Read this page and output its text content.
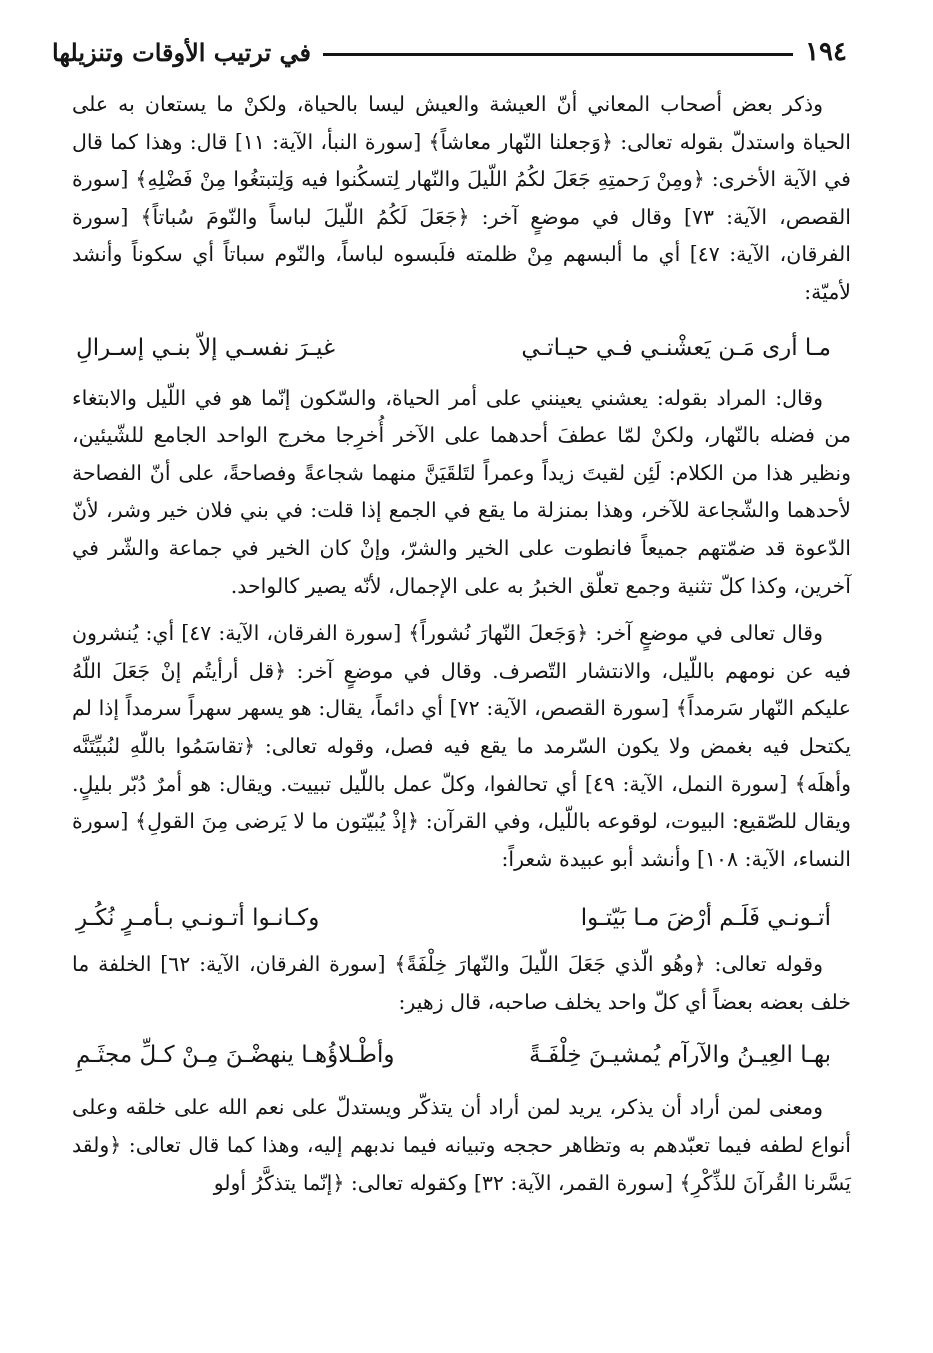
في ترتيب الأوقات وتنزيلها	١٩٤

وذكر بعض أصحاب المعاني أنّ العيشة والعيش ليسا بالحياة، ولكنْ ما يستعان به على الحياة واستدلّ بقوله تعالى: ﴿وَجعلنا النّهار معاشاً﴾ [سورة النبأ، الآية: ١١] قال: وهذا كما قال في الآية الأخرى: ﴿ومِنْ رَحمتِهِ جَعَلَ لكُمُ اللّيلَ والنّهار لِتسكُنوا فيه وَلِتبتغُوا مِنْ فَضْلِهِ﴾ [سورة القصص، الآية: ٧٣] وقال في موضعٍ آخر: ﴿جَعَلَ لَكُمُ اللّيلَ لباساً والنّومَ سُباتاً﴾ [سورة الفرقان، الآية: ٤٧] أي ما ألبسهم مِنْ ظلمته فلَبسوه لباساً، والنّوم سباتاً أي سكوناً وأنشد لأميّة:

مـا أرى مَـن يَعشْنـي فـي حيـاتـي
غيـرَ نفسـي إلاّ بنـي إسـرالِ

وقال: المراد بقوله: يعشني يعينني على أمر الحياة، والسّكون إنّما هو في اللّيل والابتغاء من فضله بالنّهار، ولكنْ لمّا عطفَ أحدهما على الآخر أُخرِجا مخرج الواحد الجامع للشّيئين، ونظير هذا من الكلام: لَئِن لقيتَ زيداً وعمراً لتَلقَيَنَّ منهما شجاعةً وفصاحةً، على أنّ الفصاحة لأحدهما والشّجاعة للآخر، وهذا بمنزلة ما يقع في الجمع إذا قلت: في بني فلان خير وشر، لأنّ الدّعوة قد ضمّتهم جميعاً فانطوت على الخير والشرّ، وإنْ كان الخير في جماعة والشّر في آخرين، وكذا كلّ تثنية وجمع تعلّق الخبرُ به على الإجمال، لأنّه يصير كالواحد.

وقال تعالى في موضعٍ آخر: ﴿وَجَعلَ النّهارَ نُشوراً﴾ [سورة الفرقان، الآية: ٤٧] أي: يُنشرون فيه عن نومهم باللّيل، والانتشار التّصرف. وقال في موضعٍ آخر: ﴿قل أرأيتُم إنْ جَعَلَ اللّهُ عليكم النّهار سَرمداً﴾ [سورة القصص، الآية: ٧٢] أي دائماً، يقال: هو يسهر سهراً سرمداً إذا لم يكتحل فيه بغمض ولا يكون السّرمد ما يقع فيه فصل، وقوله تعالى: ﴿تقاسَمُوا باللّهِ لنُبيِّتَنَّه وأهلَه﴾ [سورة النمل، الآية: ٤٩] أي تحالفوا، وكلّ عمل باللّيل تبييت. ويقال: هو أمرٌ دُبّر بليلٍ. ويقال للصّقيع: البيوت، لوقوعه باللّيل، وفي القرآن: ﴿إذْ يُبيّتون ما لا يَرضى مِنَ القولِ﴾ [سورة النساء، الآية: ١٠٨] وأنشد أبو عبيدة شعراً:

أتـونـي فَلَـم أرْضَ مـا بَيّتـوا
وكـانـوا أتـونـي بـأمـرٍ نُكُـرِ

وقوله تعالى: ﴿وهُو الّذي جَعَلَ اللّيلَ والنّهارَ خِلْفَةً﴾ [سورة الفرقان، الآية: ٦٢] الخلفة ما خلف بعضه بعضاً أي كلّ واحد يخلف صاحبه، قال زهير:

بهـا العِيـنُ والآرآم يُمشيـنَ خِلْفَـةً
وأطْـلاؤُهـا ينهضْـنَ مِـنْ كـلِّ مجثَـمِ

ومعنى لمن أراد أن يذكر، يريد لمن أراد أن يتذكّر ويستدلّ على نعم الله على خلقه وعلى أنواع لطفه فيما تعبّدهم به وتظاهر حججه وتبيانه فيما ندبهم إليه، وهذا كما قال تعالى: ﴿ولقد يَسَّرنا القُرآنَ للذِّكْرِ﴾ [سورة القمر، الآية: ٣٢] وكقوله تعالى: ﴿إنّما يتذكَّرُ أولو
